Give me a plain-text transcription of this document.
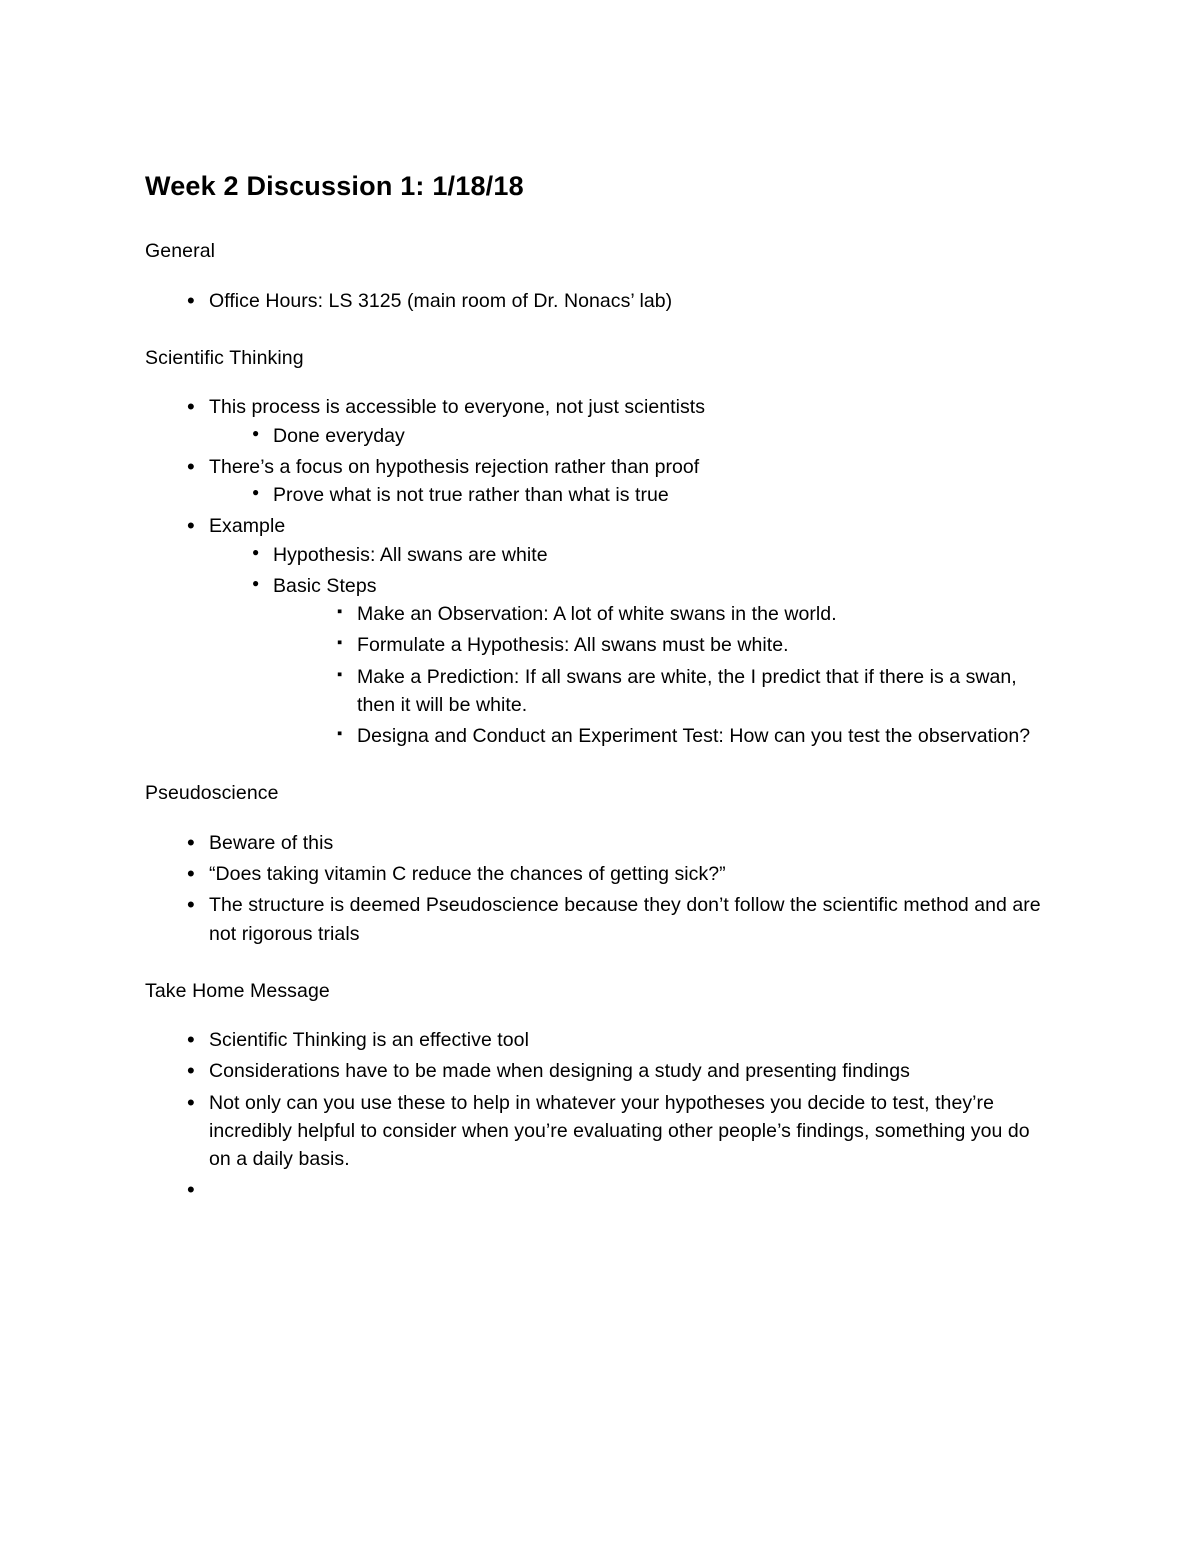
Week 2 Discussion 1: 1/18/18

General

• Office Hours: LS 3125 (main room of Dr. Nonacs’ lab)

Scientific Thinking

• This process is accessible to everyone, not just scientists
● Done everyday
• There’s a focus on hypothesis rejection rather than proof
● Prove what is not true rather than what is true
• Example
● Hypothesis: All swans are white
● Basic Steps
▪ Make an Observation: A lot of white swans in the world.
▪ Formulate a Hypothesis: All swans must be white.
▪ Make a Prediction: If all swans are white, the I predict that if there is a swan, then it will be white.
▪ Designa and Conduct an Experiment Test: How can you test the observation?

Pseudoscience

• Beware of this
• “Does taking vitamin C reduce the chances of getting sick?”
• The structure is deemed Pseudoscience because they don’t follow the scientific method and are not rigorous trials

Take Home Message

• Scientific Thinking is an effective tool
• Considerations have to be made when designing a study and presenting findings
• Not only can you use these to help in whatever your hypotheses you decide to test, they’re incredibly helpful to consider when you’re evaluating other people’s findings, something you do on a daily basis.
